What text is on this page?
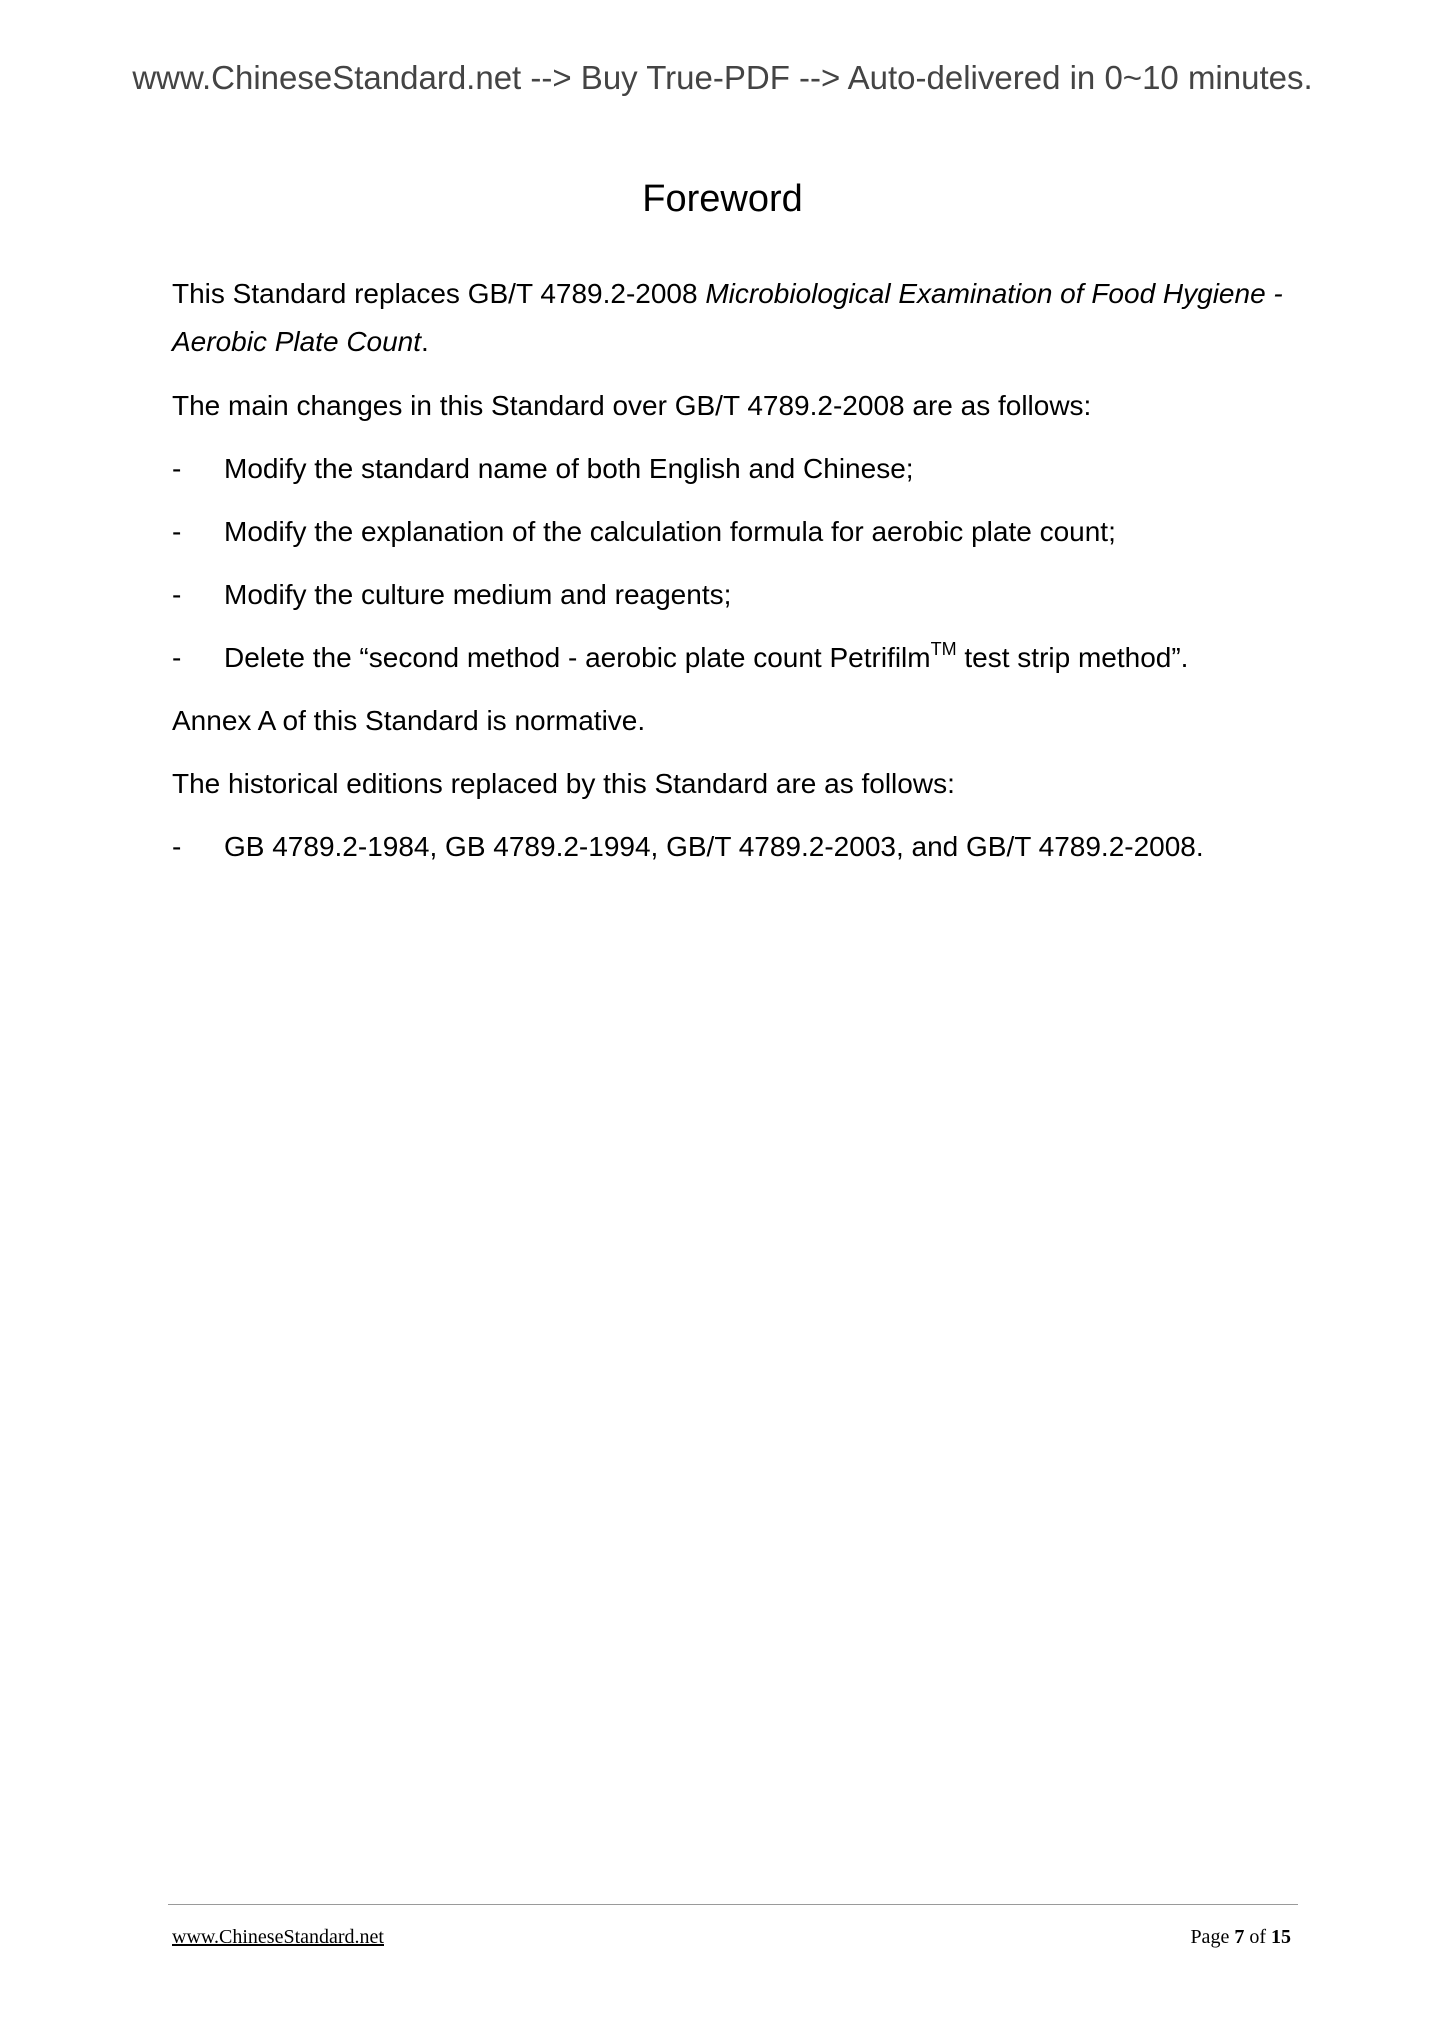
www.ChineseStandard.net --> Buy True-PDF --> Auto-delivered in 0~10 minutes.
Foreword
This Standard replaces GB/T 4789.2-2008 Microbiological Examination of Food Hygiene -
Aerobic Plate Count.
The main changes in this Standard over GB/T 4789.2-2008 are as follows:
- Modify the standard name of both English and Chinese;
- Modify the explanation of the calculation formula for aerobic plate count;
- Modify the culture medium and reagents;
- Delete the “second method - aerobic plate count Petrifilm™ test strip method”.
Annex A of this Standard is normative.
The historical editions replaced by this Standard are as follows:
- GB 4789.2-1984, GB 4789.2-1994, GB/T 4789.2-2003, and GB/T 4789.2-2008.
www.ChineseStandard.net	Page 7 of 15
